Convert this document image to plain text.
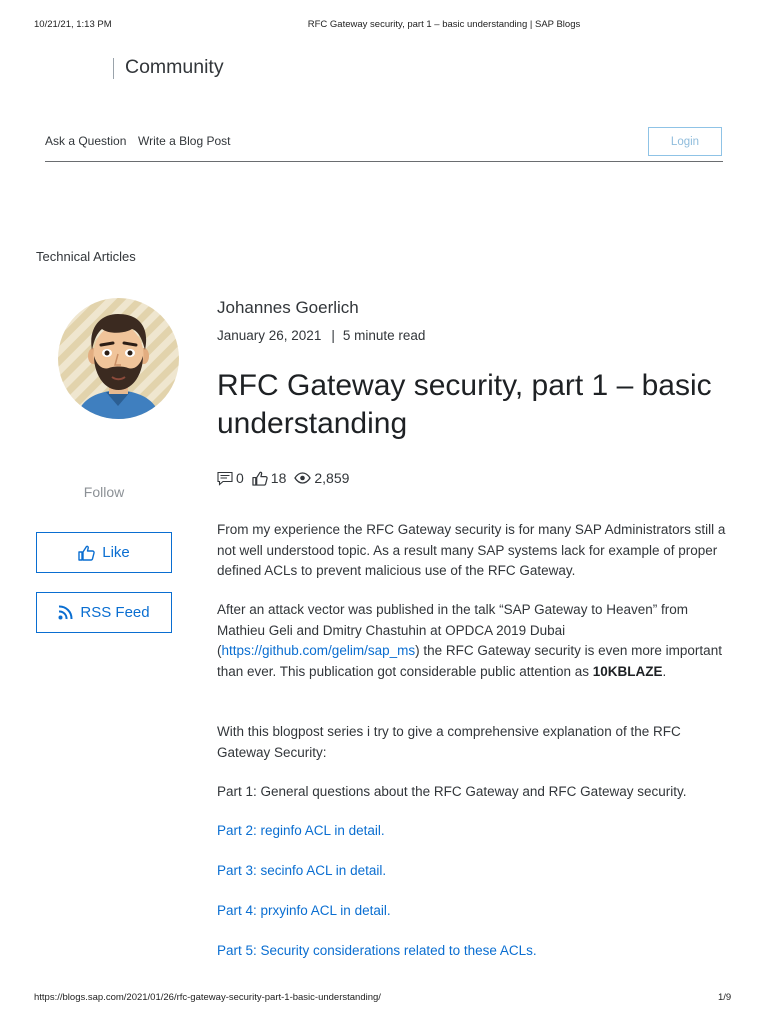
10/21/21, 1:13 PM	RFC Gateway security, part 1 – basic understanding | SAP Blogs
Community
Ask a Question Write a Blog Post	Login
Technical Articles
Follow
Like
RSS Feed
Johannes Goerlich
January 26, 2021 | 5 minute read
RFC Gateway security, part 1 – basic understanding
0 18 2,859

From my experience the RFC Gateway security is for many SAP Administrators still a not well understood topic. As a result many SAP systems lack for example of proper defined ACLs to prevent malicious use of the RFC Gateway.

After an attack vector was published in the talk “SAP Gateway to Heaven” from Mathieu Geli and Dmitry Chastuhin at OPDCA 2019 Dubai (https://github.com/gelim/sap_ms) the RFC Gateway security is even more important than ever. This publication got considerable public attention as 10KBLAZE.

With this blogpost series i try to give a comprehensive explanation of the RFC Gateway Security:

Part 1: General questions about the RFC Gateway and RFC Gateway security.

Part 2: reginfo ACL in detail.

Part 3: secinfo ACL in detail.

Part 4: prxyinfo ACL in detail.

Part 5: Security considerations related to these ACLs.

https://blogs.sap.com/2021/01/26/rfc-gateway-security-part-1-basic-understanding/	1/9
